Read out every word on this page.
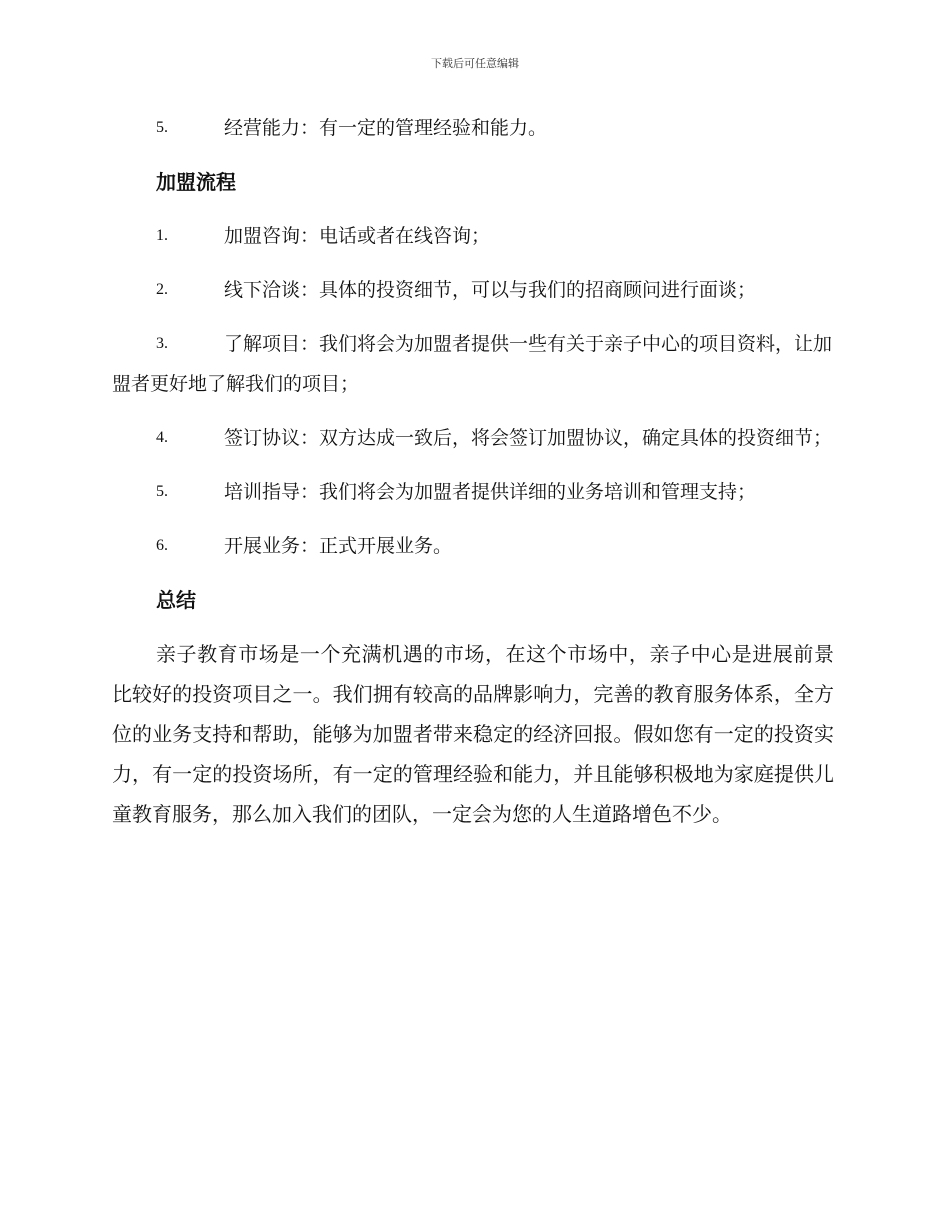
下载后可任意编辑
5.	经营能力：有一定的管理经验和能力。
加盟流程
1.	加盟咨询：电话或者在线咨询；
2.	线下洽谈：具体的投资细节，可以与我们的招商顾问进行面谈；
3.	了解项目：我们将会为加盟者提供一些有关于亲子中心的项目资料，让加盟者更好地了解我们的项目；
4.	签订协议：双方达成一致后，将会签订加盟协议，确定具体的投资细节；
5.	培训指导：我们将会为加盟者提供详细的业务培训和管理支持；
6.	开展业务：正式开展业务。
总结
亲子教育市场是一个充满机遇的市场，在这个市场中，亲子中心是进展前景比较好的投资项目之一。我们拥有较高的品牌影响力，完善的教育服务体系，全方位的业务支持和帮助，能够为加盟者带来稳定的经济回报。假如您有一定的投资实力，有一定的投资场所，有一定的管理经验和能力，并且能够积极地为家庭提供儿童教育服务，那么加入我们的团队，一定会为您的人生道路增色不少。
